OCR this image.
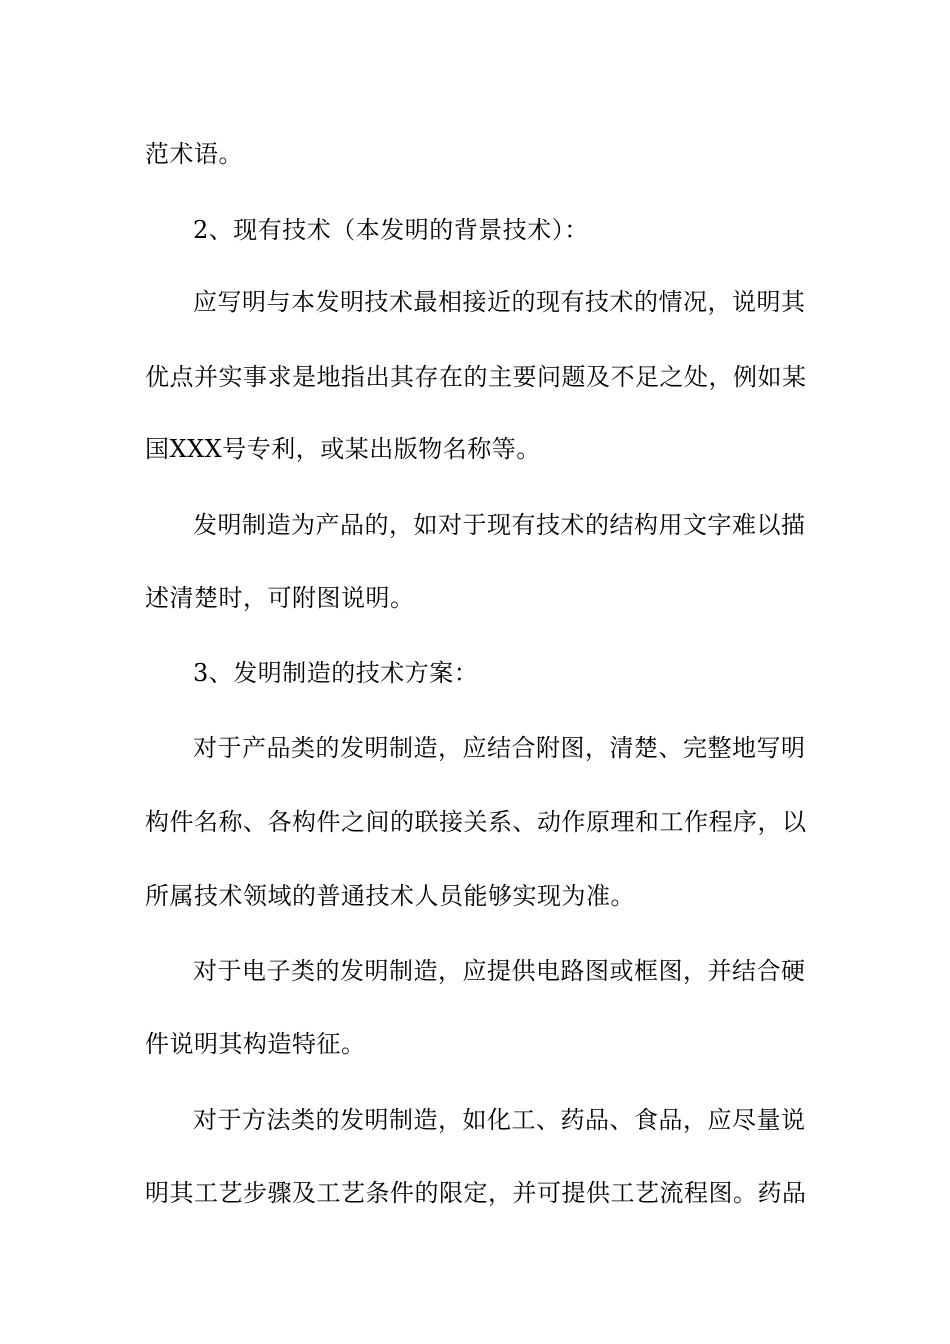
范术语。
2、现有技术（本发明的背景技术）：
应写明与本发明技术最相接近的现有技术的情况，说明其
优点并实事求是地指出其存在的主要问题及不足之处，例如某
国XXX号专利，或某出版物名称等。
发明制造为产品的，如对于现有技术的结构用文字难以描
述清楚时，可附图说明。
3、发明制造的技术方案：
对于产品类的发明制造，应结合附图，清楚、完整地写明
构件名称、各构件之间的联接关系、动作原理和工作程序，以
所属技术领域的普通技术人员能够实现为准。
对于电子类的发明制造，应提供电路图或框图，并结合硬
件说明其构造特征。
对于方法类的发明制造，如化工、药品、食品，应尽量说
明其工艺步骤及工艺条件的限定，并可提供工艺流程图。药品
